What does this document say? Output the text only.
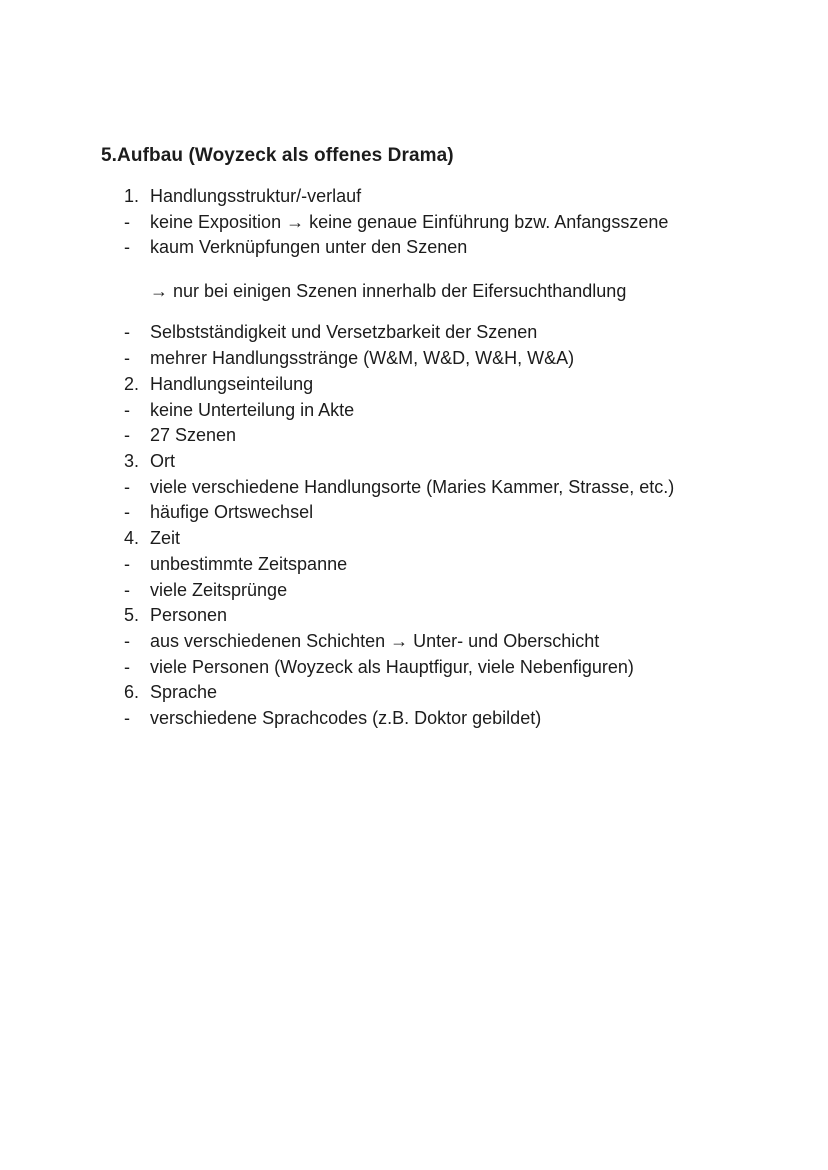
5.Aufbau (Woyzeck als offenes Drama)
1. Handlungsstruktur/-verlauf
-	keine Exposition → keine genaue Einführung bzw. Anfangsszene
-	kaum Verknüpfungen unter den Szenen
→ nur bei einigen Szenen innerhalb der Eifersuchthandlung
-	Selbstständigkeit und Versetzbarkeit der Szenen
-	mehrer Handlungsstränge (W&M, W&D, W&H, W&A)
2. Handlungseinteilung
-	keine Unterteilung in Akte
-	27 Szenen
3. Ort
-	viele verschiedene Handlungsorte (Maries Kammer, Strasse, etc.)
-	häufige Ortswechsel
4. Zeit
-	unbestimmte Zeitspanne
-	viele Zeitsprünge
5. Personen
-	aus verschiedenen Schichten → Unter- und Oberschicht
-	viele Personen (Woyzeck als Hauptfigur, viele Nebenfiguren)
6. Sprache
-	verschiedene Sprachcodes (z.B. Doktor gebildet)
